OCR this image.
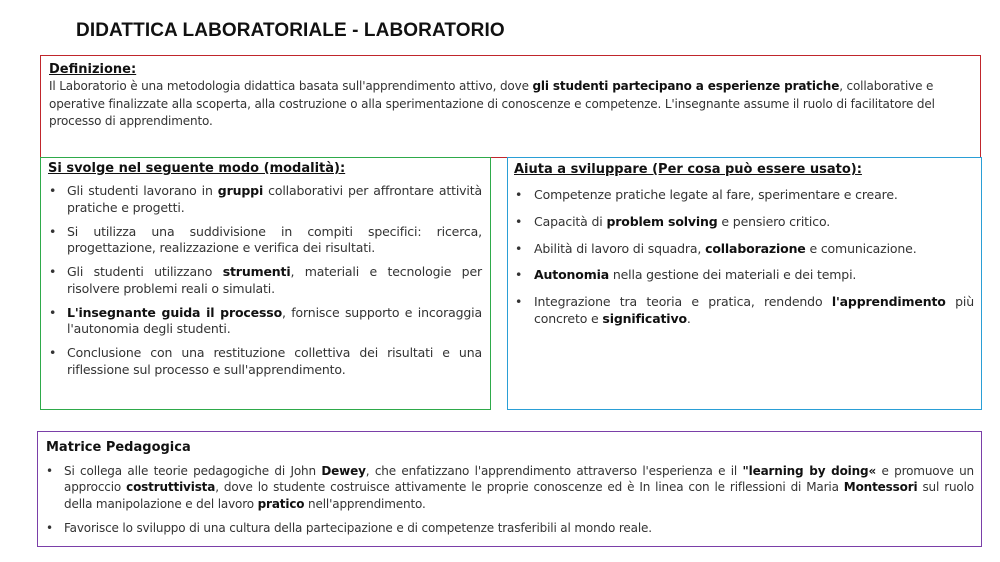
DIDATTICA LABORATORIALE - LABORATORIO
Definizione:

Il Laboratorio è una metodologia didattica basata sull'apprendimento attivo, dove gli studenti partecipano a esperienze pratiche, collaborative e operative finalizzate alla scoperta, alla costruzione o alla sperimentazione di conoscenze e competenze. L'insegnante assume il ruolo di facilitatore del processo di apprendimento.

Si svolge nel seguente modo (modalità):
• Gli studenti lavorano in gruppi collaborativi per affrontare attività pratiche e progetti.
• Si utilizza una suddivisione in compiti specifici: ricerca, progettazione, realizzazione e verifica dei risultati.
• Gli studenti utilizzano strumenti, materiali e tecnologie per risolvere problemi reali o simulati.
• L'insegnante guida il processo, fornisce supporto e incoraggia l'autonomia degli studenti.
• Conclusione con una restituzione collettiva dei risultati e una riflessione sul processo e sull'apprendimento.
Aiuta a sviluppare (Per cosa può essere usato):
• Competenze pratiche legate al fare, sperimentare e creare.
• Capacità di problem solving e pensiero critico.
• Abilità di lavoro di squadra, collaborazione e comunicazione.
• Autonomia nella gestione dei materiali e dei tempi.
• Integrazione tra teoria e pratica, rendendo l'apprendimento più concreto e significativo.
Matrice Pedagogica
• Si collega alle teorie pedagogiche di John Dewey, che enfatizzano l'apprendimento attraverso l'esperienza e il "learning by doing« e promuove un approccio costruttivista, dove lo studente costruisce attivamente le proprie conoscenze ed è In linea con le riflessioni di Maria Montessori sul ruolo della manipolazione e del lavoro pratico nell'apprendimento.
• Favorisce lo sviluppo di una cultura della partecipazione e di competenze trasferibili al mondo reale.
